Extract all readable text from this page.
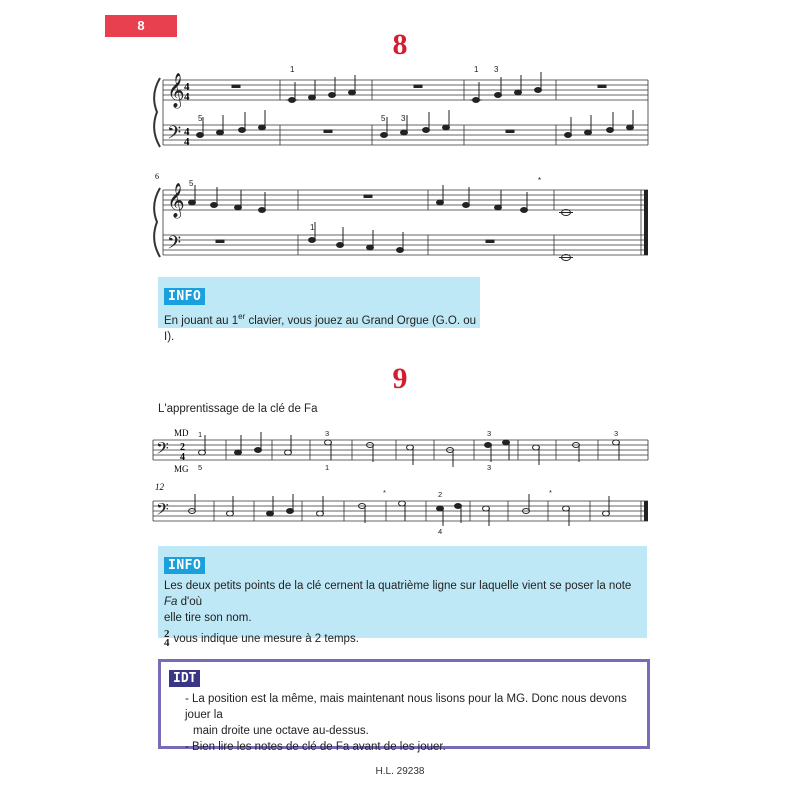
8
8
𝄞
𝄢
4
4
4
4
1	1 3
5	5 3
6
𝄞
𝄢
5	*
1
𝄢 2
4
MD
MG
1
5
3
1
3
3
3
12
𝄢
*	2
4
*
INFO
En jouant au 1er clavier, vous jouez au Grand Orgue (G.O. ou I).
9
L'apprentissage de la clé de Fa
INFO
Les deux petits points de la clé cernent la quatrième ligne sur laquelle vient se poser la note Fa d'où
elle tire son nom.
2
4 vous indique une mesure à 2 temps.
IDT
- La position est la même, mais maintenant nous lisons pour la MG. Donc nous devons jouer la
main droite une octave au-dessus.
- Bien lire les notes de clé de Fa avant de les jouer.
H.L. 29238
